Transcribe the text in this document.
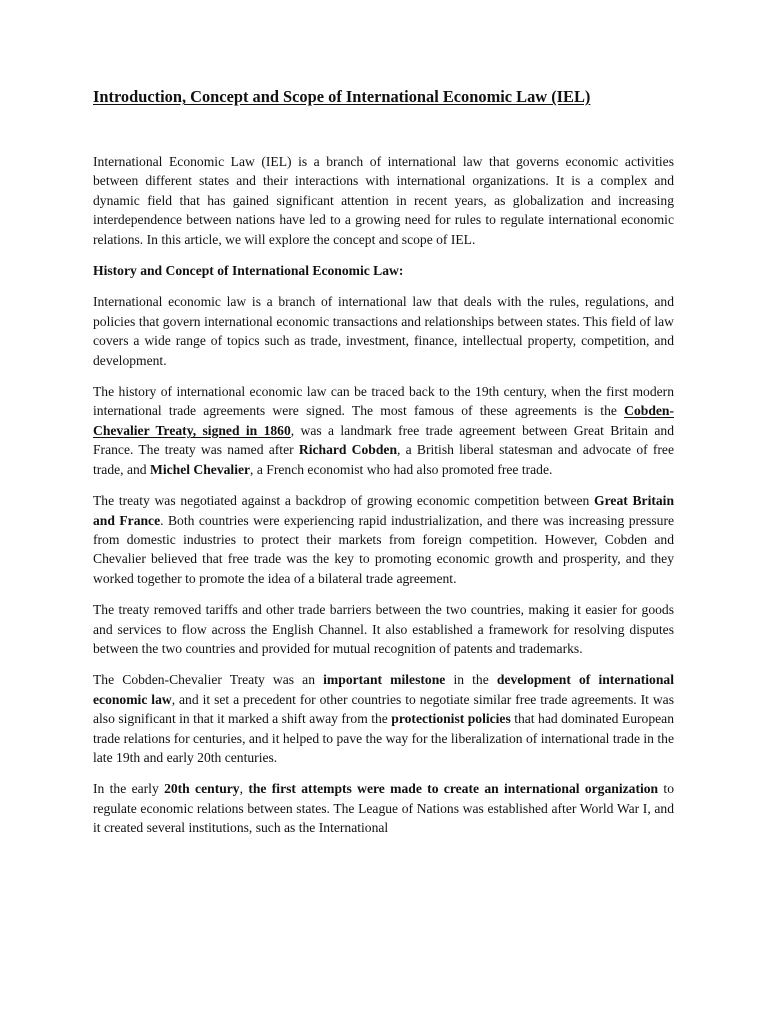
Introduction, Concept and Scope of International Economic Law (IEL)

International Economic Law (IEL) is a branch of international law that governs economic activities between different states and their interactions with international organizations. It is a complex and dynamic field that has gained significant attention in recent years, as globalization and increasing interdependence between nations have led to a growing need for rules to regulate international economic relations. In this article, we will explore the concept and scope of IEL.

History and Concept of International Economic Law:

International economic law is a branch of international law that deals with the rules, regulations, and policies that govern international economic transactions and relationships between states. This field of law covers a wide range of topics such as trade, investment, finance, intellectual property, competition, and development.

The history of international economic law can be traced back to the 19th century, when the first modern international trade agreements were signed. The most famous of these agreements is the Cobden-Chevalier Treaty, signed in 1860, was a landmark free trade agreement between Great Britain and France. The treaty was named after Richard Cobden, a British liberal statesman and advocate of free trade, and Michel Chevalier, a French economist who had also promoted free trade.

The treaty was negotiated against a backdrop of growing economic competition between Great Britain and France. Both countries were experiencing rapid industrialization, and there was increasing pressure from domestic industries to protect their markets from foreign competition. However, Cobden and Chevalier believed that free trade was the key to promoting economic growth and prosperity, and they worked together to promote the idea of a bilateral trade agreement.

The treaty removed tariffs and other trade barriers between the two countries, making it easier for goods and services to flow across the English Channel. It also established a framework for resolving disputes between the two countries and provided for mutual recognition of patents and trademarks.

The Cobden-Chevalier Treaty was an important milestone in the development of international economic law, and it set a precedent for other countries to negotiate similar free trade agreements. It was also significant in that it marked a shift away from the protectionist policies that had dominated European trade relations for centuries, and it helped to pave the way for the liberalization of international trade in the late 19th and early 20th centuries.

In the early 20th century, the first attempts were made to create an international organization to regulate economic relations between states. The League of Nations was established after World War I, and it created several institutions, such as the International
